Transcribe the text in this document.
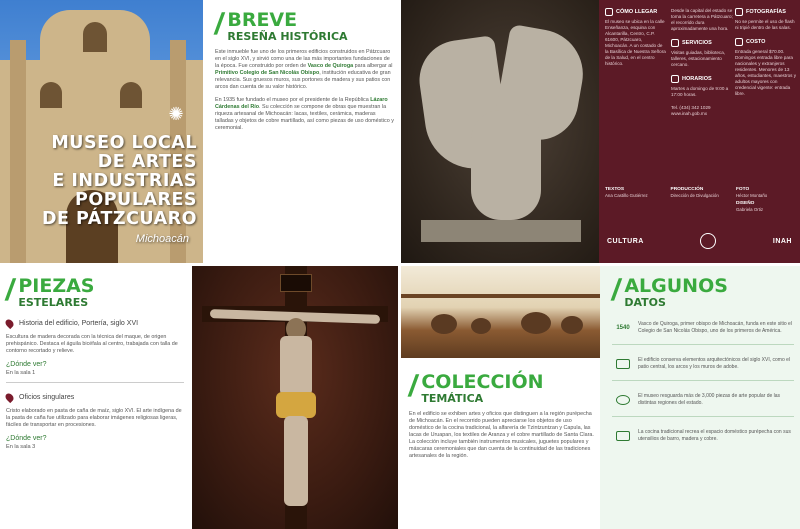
✺
MUSEO LOCAL
DE ARTES
E INDUSTRIAS
POPULARES
DE PÁTZCUARO
Michoacán
/ BREVE
RESEÑA HISTÓRICA

Este inmueble fue uno de los primeros edificios construidos en Pátzcuaro en el siglo XVI, y sirvió como una de las más importantes fundaciones de la época. Fue construido por orden de Vasco de Quiroga para albergar al Primitivo Colegio de San Nicolás Obispo, institución educativa de gran relevancia. Sus gruesos muros, sus portones de madera y sus patios con arcos dan cuenta de su valor histórico.

En 1935 fue fundado el museo por el presidente de la República Lázaro Cárdenas del Río. Su colección se compone de obras que muestran la riqueza artesanal de Michoacán: lacas, textiles, cerámica, maderas talladas y objetos de cobre martillado, así como piezas de uso doméstico y ceremonial.

CÓMO LLEGAR

El museo se ubica en la calle Enseñanza, esquina con Alcantarilla, Centro, C.P. 61600, Pátzcuaro, Michoacán. A un costado de la Basílica de Nuestra Señora de la Salud, en el centro histórico.

Desde la capital del estado se toma la carretera a Pátzcuaro; el recorrido dura aproximadamente una hora.

SERVICIOS

Visitas guiadas, biblioteca, talleres, estacionamiento cercano.

HORARIOS

Martes a domingo de 9:00 a 17:00 horas.

Tel. (434) 342 1029 www.inah.gob.mx

FOTOGRAFÍAS

No se permite el uso de flash ni tripié dentro de las salas.

COSTO

Entrada general $70.00. Domingos entrada libre para nacionales y extranjeros residentes. Menores de 13 años, estudiantes, maestros y adultos mayores con credencial vigente: entrada libre.

TEXTOS
Ana Castillo Gutiérrez
PRODUCCIÓN
Dirección de Divulgación
FOTO
Héctor Montaño
DISEÑO
Gabriela Ortiz
CULTURA	INAH
/ PIEZAS
ESTELARES
Historia del edificio, Portería, siglo XVI

Escultura de madera decorada con la técnica del maque, de origen prehispánico. Destaca el águila bicéfala al centro, trabajada con talla de contorno recortado y relieve.

¿Dónde ver?

En la sala 1

Oficios singulares

Cristo elaborado en pasta de caña de maíz, siglo XVI. El arte indígena de la pasta de caña fue utilizado para elaborar imágenes religiosas ligeras, fáciles de transportar en procesiones.

¿Dónde ver?

En la sala 3

/ COLECCIÓN
TEMÁTICA

En el edificio se exhiben artes y oficios que distinguen a la región purépecha de Michoacán. En el recorrido pueden apreciarse los objetos de uso doméstico de la cocina tradicional, la alfarería de Tzintzuntzan y Capula, las lacas de Uruapan, los textiles de Aranza y el cobre martillado de Santa Clara. La colección incluye también instrumentos musicales, juguetes populares y máscaras ceremoniales que dan cuenta de la continuidad de las tradiciones artesanales de la región.

/ ALGUNOS
DATOS
1540

Vasco de Quiroga, primer obispo de Michoacán, funda en este sitio el Colegio de San Nicolás Obispo, uno de los primeros de América.

El edificio conserva elementos arquitectónicos del siglo XVI, como el patio central, los arcos y los muros de adobe.

El museo resguarda más de 3,000 piezas de arte popular de las distintas regiones del estado.

La cocina tradicional recrea el espacio doméstico purépecha con sus utensilios de barro, madera y cobre.
